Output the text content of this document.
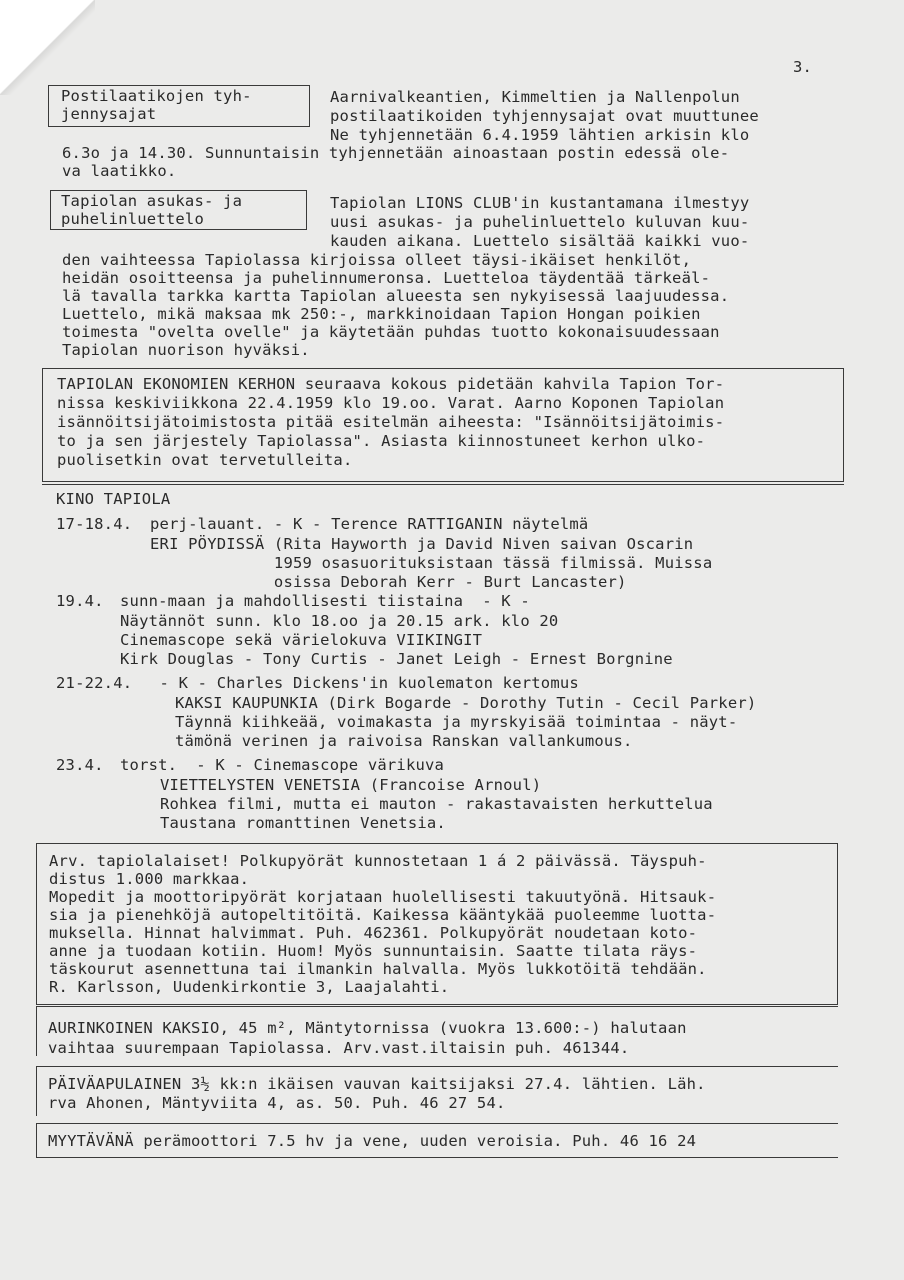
3.
Postilaatikojen tyh-
jennysajat
Aarnivalkeantien, Kimmeltien ja Nallenpolun
postilaatikoiden tyhjennysajat ovat muuttunee
Ne tyhjennetään 6.4.1959 lähtien arkisin klo
6.3o ja 14.30. Sunnuntaisin tyhjennetään ainoastaan postin edessä ole-
va laatikko.
Tapiolan asukas- ja
puhelinluettelo
Tapiolan LIONS CLUB'in kustantamana ilmestyy
uusi asukas- ja puhelinluettelo kuluvan kuu-
kauden aikana. Luettelo sisältää kaikki vuo-
den vaihteessa Tapiolassa kirjoissa olleet täysi-ikäiset henkilöt,
heidän osoitteensa ja puhelinnumeronsa. Luetteloa täydentää tärkeäl-
lä tavalla tarkka kartta Tapiolan alueesta sen nykyisessä laajuudessa.
Luettelo, mikä maksaa mk 250:-, markkinoidaan Tapion Hongan poikien
toimesta "ovelta ovelle" ja käytetään puhdas tuotto kokonaisuudessaan
Tapiolan nuorison hyväksi.
TAPIOLAN EKONOMIEN KERHON seuraava kokous pidetään kahvila Tapion Tor-
nissa keskiviikkona 22.4.1959 klo 19.oo. Varat. Aarno Koponen Tapiolan
isännöitsijätoimistosta pitää esitelmän aiheesta: "Isännöitsijätoimis-
to ja sen järjestely Tapiolassa". Asiasta kiinnostuneet kerhon ulko-
puolisetkin ovat tervetulleita.
KINO TAPIOLA
17-18.4. perj-lauant. - K - Terence RATTIGANIN näytelmä
ERI PÖYDISSÄ (Rita Hayworth ja David Niven saivan Oscarin
1959 osasuorituksistaan tässä filmissä. Muissa
osissa Deborah Kerr - Burt Lancaster)
19.4. sunn-maan ja mahdollisesti tiistaina  - K -
Näytännöt sunn. klo 18.oo ja 20.15 ark. klo 20
Cinemascope sekä värielokuva VIIKINGIT
Kirk Douglas - Tony Curtis - Janet Leigh - Ernest Borgnine
21-22.4. - K - Charles Dickens'in kuolematon kertomus
KAKSI KAUPUNKIA (Dirk Bogarde - Dorothy Tutin - Cecil Parker)
Täynnä kiihkeää, voimakasta ja myrskyisää toimintaa - näyt-
tämönä verinen ja raivoisa Ranskan vallankumous.
23.4. torst.  - K - Cinemascope värikuva
VIETTELYSTEN VENETSIA (Francoise Arnoul)
Rohkea filmi, mutta ei mauton - rakastavaisten herkuttelua
Taustana romanttinen Venetsia.
Arv. tapiolalaiset! Polkupyörät kunnostetaan 1 á 2 päivässä. Täyspuh-
distus 1.000 markkaa.
Mopedit ja moottoripyörät korjataan huolellisesti takuutyönä. Hitsauk-
sia ja pienehköjä autopeltitöitä. Kaikessa kääntykää puoleemme luotta-
muksella. Hinnat halvimmat. Puh. 462361. Polkupyörät noudetaan koto-
anne ja tuodaan kotiin. Huom! Myös sunnuntaisin. Saatte tilata räys-
täskourut asennettuna tai ilmankin halvalla. Myös lukkotöitä tehdään.
R. Karlsson, Uudenkirkontie 3, Laajalahti.
AURINKOINEN KAKSIO, 45 m², Mäntytornissa (vuokra 13.600:-) halutaan
vaihtaa suurempaan Tapiolassa. Arv.vast.iltaisin puh. 461344.
PÄIVÄAPULAINEN 3½ kk:n ikäisen vauvan kaitsijaksi 27.4. lähtien. Läh.
rva Ahonen, Mäntyviita 4, as. 50. Puh. 46 27 54.
MYYTÄVÄNÄ perämoottori 7.5 hv ja vene, uuden veroisia. Puh. 46 16 24
